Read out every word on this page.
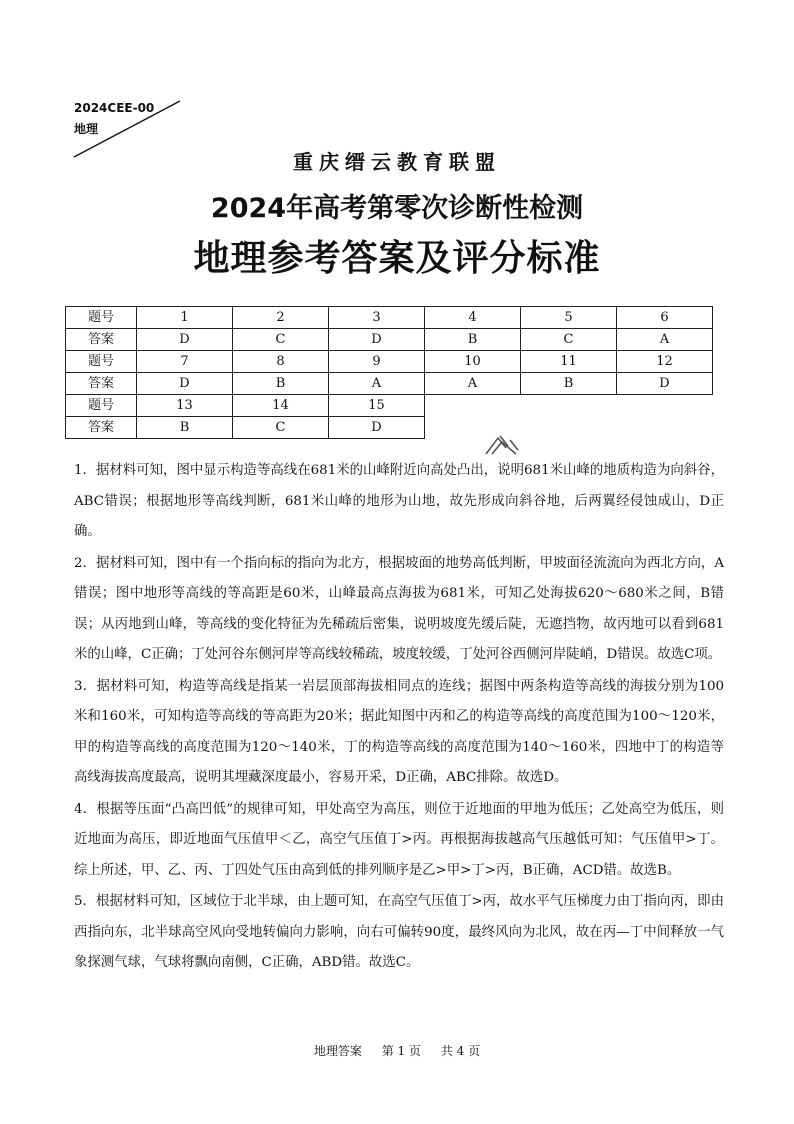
2024CEE-00
地理
重庆缙云教育联盟
2024年高考第零次诊断性检测
地理参考答案及评分标准
题号	1	2	3	4	5	6
答案	D	C	D	B	C	A
题号	7	8	9	10	11	12
答案	D	B	A	A	B	D
题号	13	14	15			
答案	B	C	D			

1．据材料可知，图中显示构造等高线在681米的山峰附近向高处凸出，说明681米山峰的地质构造为向斜谷，ABC错误；根据地形等高线判断，681米山峰的地形为山地，故先形成向斜谷地，后两翼经侵蚀成山，D正确。

2．据材料可知，图中有一个指向标的指向为北方，根据坡面的地势高低判断，甲坡面径流流向为西北方向，A错误；图中地形等高线的等高距是60米，山峰最高点海拔为681米，可知乙处海拔620～680米之间，B错误；从丙地到山峰，等高线的变化特征为先稀疏后密集，说明坡度先缓后陡，无遮挡物，故丙地可以看到681米的山峰，C正确；丁处河谷东侧河岸等高线较稀疏，坡度较缓，丁处河谷西侧河岸陡峭，D错误。故选C项。

3．据材料可知，构造等高线是指某一岩层顶部海拔相同点的连线；据图中两条构造等高线的海拔分别为100米和160米，可知构造等高线的等高距为20米；据此知图中丙和乙的构造等高线的高度范围为100～120米，甲的构造等高线的高度范围为120～140米，丁的构造等高线的高度范围为140～160米，四地中丁的构造等高线海拔高度最高，说明其埋藏深度最小，容易开采，D正确，ABC排除。故选D。

4．根据等压面“凸高凹低”的规律可知，甲处高空为高压，则位于近地面的甲地为低压；乙处高空为低压，则近地面为高压，即近地面气压值甲＜乙，高空气压值丁>丙。再根据海拔越高气压越低可知：气压值甲>丁。综上所述，甲、乙、丙、丁四处气压由高到低的排列顺序是乙>甲>丁>丙，B正确，ACD错。故选B。

5．根据材料可知，区域位于北半球，由上题可知，在高空气压值丁>丙，故水平气压梯度力由丁指向丙，即由西指向东，北半球高空风向受地转偏向力影响，向右可偏转90度，最终风向为北风，故在丙—丁中间释放一气象探测气球，气球将飘向南侧，C正确，ABD错。故选C。

地理答案 第 1 页 共 4 页
